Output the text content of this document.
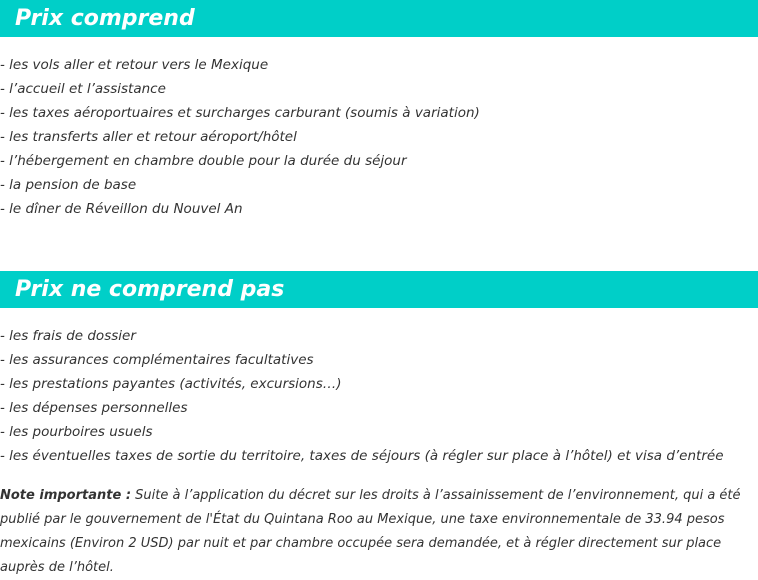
Prix comprend
- les vols aller et retour vers le Mexique
- l’accueil et l’assistance
- les taxes aéroportuaires et surcharges carburant (soumis à variation)
- les transferts aller et retour aéroport/hôtel
- l’hébergement en chambre double pour la durée du séjour
- la pension de base
- le dîner de Réveillon du Nouvel An
Prix ne comprend pas
- les frais de dossier
- les assurances complémentaires facultatives
- les prestations payantes (activités, excursions…)
- les dépenses personnelles
- les pourboires usuels
- les éventuelles taxes de sortie du territoire, taxes de séjours (à régler sur place à l’hôtel) et visa d’entrée

Note importante : Suite à l’application du décret sur les droits à l’assainissement de l’environnement, qui a été publié par le gouvernement de l'État du Quintana Roo au Mexique, une taxe environnementale de 33.94 pesos mexicains (Environ 2 USD) par nuit et par chambre occupée sera demandée, et à régler directement sur place auprès de l’hôtel.
